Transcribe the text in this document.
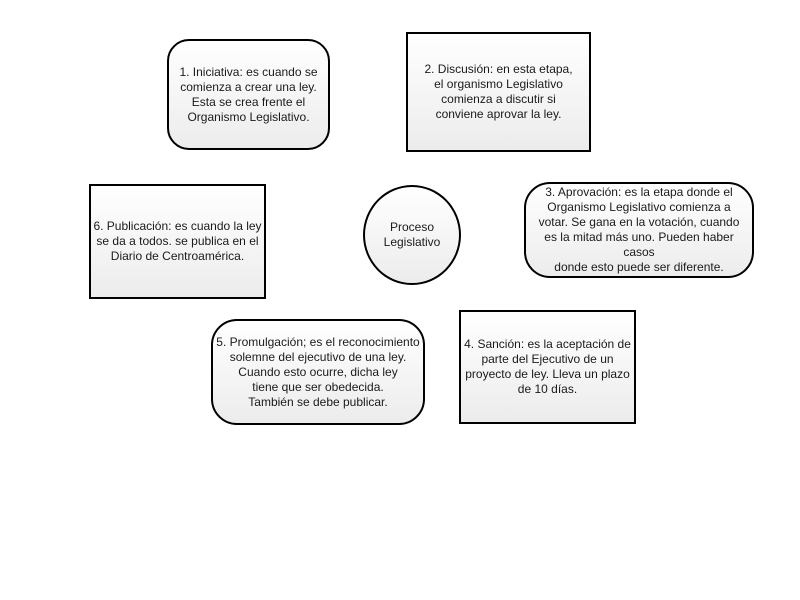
1. Iniciativa: es cuando se
comienza a crear una ley.
Esta se crea frente el
Organismo Legislativo.
2. Discusión: en esta etapa,
el organismo Legislativo
comienza a discutir si
conviene aprovar la ley.
6. Publicación: es cuando la ley
se da a todos. se publica en el
Diario de Centroamérica.
Proceso
Legislativo
3. Aprovación: es la etapa donde el
Organismo Legislativo comienza a
votar. Se gana en la votación, cuando
es la mitad más uno. Pueden haber casos
donde esto puede ser diferente.
5. Promulgación; es el reconocimiento
solemne del ejecutivo de una ley.
Cuando esto ocurre, dicha ley
tiene que ser obedecida.
También se debe publicar.
4. Sanción: es la aceptación de
parte del Ejecutivo de un
proyecto de ley. Lleva un plazo
de 10 días.
